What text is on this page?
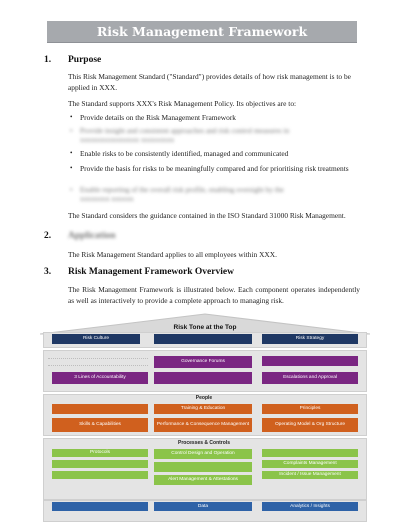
Risk Management Framework
1. Purpose
This Risk Management Standard ("Standard") provides details of how risk management is to be applied in XXX.
The Standard supports XXX's Risk Management Policy. Its objectives are to:
• Provide details on the Risk Management Framework
• Provide insight and consistent approaches and risk control measures in
xxxxxxxxxxxxxxxx xxxxxxxxx
• Enable risks to be consistently identified, managed and communicated
• Provide the basis for risks to be meaningfully compared and for prioritising risk treatments
• Enable reporting of the overall risk profile, enabling oversight by the
xxxxxxxx xxxxxx
The Standard considers the guidance contained in the ISO Standard 31000 Risk Management.
2. Application
The Risk Management Standard applies to all employees within XXX.
3. Risk Management Framework Overview
The Risk Management Framework is illustrated below. Each component operates independently as well as interactively to provide a complete approach to managing risk.
Risk Tone at the Top
Risk Culture	Risk Strategy
Governance Forums
3 Lines of Accountability	Escalations and Approval
People
Training & Education	Principles
Skills & Capabilities	Performance & Consequence Management	Operating Model & Org Structure
Processes & Controls
Protocols	Control Design and Operation
Alert Management & Attestations
Complaints Management
Incident / Issue Management
Data	Analytics / Insights
